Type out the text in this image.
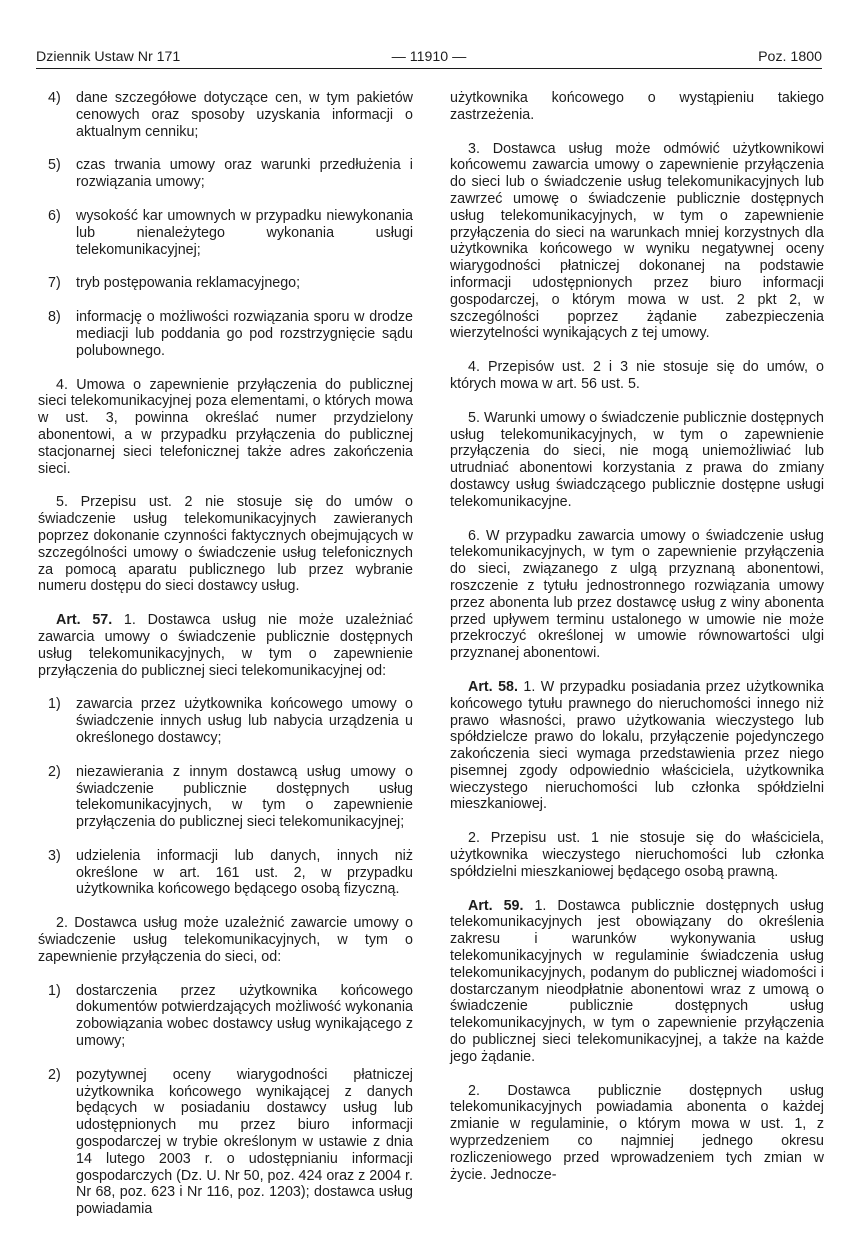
Dziennik Ustaw Nr 171	— 11910 —	Poz. 1800
4)	dane szczegółowe dotyczące cen, w tym pakietów cenowych oraz sposoby uzyskania informacji o aktualnym cenniku;
5)	czas trwania umowy oraz warunki przedłużenia i rozwiązania umowy;
6)	wysokość kar umownych w przypadku niewykonania lub nienależytego wykonania usługi telekomunikacyjnej;
7)	tryb postępowania reklamacyjnego;
8)	informację o możliwości rozwiązania sporu w drodze mediacji lub poddania go pod rozstrzygnięcie sądu polubownego.

4. Umowa o zapewnienie przyłączenia do publicznej sieci telekomunikacyjnej poza elementami, o których mowa w ust. 3, powinna określać numer przydzielony abonentowi, a w przypadku przyłączenia do publicznej stacjonarnej sieci telefonicznej także adres zakończenia sieci.

5. Przepisu ust. 2 nie stosuje się do umów o świadczenie usług telekomunikacyjnych zawieranych poprzez dokonanie czynności faktycznych obejmujących w szczególności umowy o świadczenie usług telefonicznych za pomocą aparatu publicznego lub przez wybranie numeru dostępu do sieci dostawcy usług.

Art. 57. 1. Dostawca usług nie może uzależniać zawarcia umowy o świadczenie publicznie dostępnych usług telekomunikacyjnych, w tym o zapewnienie przyłączenia do publicznej sieci telekomunikacyjnej od:

1)	zawarcia przez użytkownika końcowego umowy o świadczenie innych usług lub nabycia urządzenia u określonego dostawcy;
2)	niezawierania z innym dostawcą usług umowy o świadczenie publicznie dostępnych usług telekomunikacyjnych, w tym o zapewnienie przyłączenia do publicznej sieci telekomunikacyjnej;
3)	udzielenia informacji lub danych, innych niż określone w art. 161 ust. 2, w przypadku użytkownika końcowego będącego osobą fizyczną.

2. Dostawca usług może uzależnić zawarcie umowy o świadczenie usług telekomunikacyjnych, w tym o zapewnienie przyłączenia do sieci, od:

1)	dostarczenia przez użytkownika końcowego dokumentów potwierdzających możliwość wykonania zobowiązania wobec dostawcy usług wynikającego z umowy;
2)	pozytywnej oceny wiarygodności płatniczej użytkownika końcowego wynikającej z danych będących w posiadaniu dostawcy usług lub udostępnionych mu przez biuro informacji gospodarczej w trybie określonym w ustawie z dnia 14 lutego 2003 r. o udostępnianiu informacji gospodarczych (Dz. U. Nr 50, poz. 424 oraz z 2004 r. Nr 68, poz. 623 i Nr 116, poz. 1203); dostawca usług powiadamia

użytkownika końcowego o wystąpieniu takiego zastrzeżenia.

3. Dostawca usług może odmówić użytkownikowi końcowemu zawarcia umowy o zapewnienie przyłączenia do sieci lub o świadczenie usług telekomunikacyjnych lub zawrzeć umowę o świadczenie publicznie dostępnych usług telekomunikacyjnych, w tym o zapewnienie przyłączenia do sieci na warunkach mniej korzystnych dla użytkownika końcowego w wyniku negatywnej oceny wiarygodności płatniczej dokonanej na podstawie informacji udostępnionych przez biuro informacji gospodarczej, o którym mowa w ust. 2 pkt 2, w szczególności poprzez żądanie zabezpieczenia wierzytelności wynikających z tej umowy.

4. Przepisów ust. 2 i 3 nie stosuje się do umów, o których mowa w art. 56 ust. 5.

5. Warunki umowy o świadczenie publicznie dostępnych usług telekomunikacyjnych, w tym o zapewnienie przyłączenia do sieci, nie mogą uniemożliwiać lub utrudniać abonentowi korzystania z prawa do zmiany dostawcy usług świadczącego publicznie dostępne usługi telekomunikacyjne.

6. W przypadku zawarcia umowy o świadczenie usług telekomunikacyjnych, w tym o zapewnienie przyłączenia do sieci, związanego z ulgą przyznaną abonentowi, roszczenie z tytułu jednostronnego rozwiązania umowy przez abonenta lub przez dostawcę usług z winy abonenta przed upływem terminu ustalonego w umowie nie może przekroczyć określonej w umowie równowartości ulgi przyznanej abonentowi.

Art. 58. 1. W przypadku posiadania przez użytkownika końcowego tytułu prawnego do nieruchomości innego niż prawo własności, prawo użytkowania wieczystego lub spółdzielcze prawo do lokalu, przyłączenie pojedynczego zakończenia sieci wymaga przedstawienia przez niego pisemnej zgody odpowiednio właściciela, użytkownika wieczystego nieruchomości lub członka spółdzielni mieszkaniowej.

2. Przepisu ust. 1 nie stosuje się do właściciela, użytkownika wieczystego nieruchomości lub członka spółdzielni mieszkaniowej będącego osobą prawną.

Art. 59. 1. Dostawca publicznie dostępnych usług telekomunikacyjnych jest obowiązany do określenia zakresu i warunków wykonywania usług telekomunikacyjnych w regulaminie świadczenia usług telekomunikacyjnych, podanym do publicznej wiadomości i dostarczanym nieodpłatnie abonentowi wraz z umową o świadczenie publicznie dostępnych usług telekomunikacyjnych, w tym o zapewnienie przyłączenia do publicznej sieci telekomunikacyjnej, a także na każde jego żądanie.

2. Dostawca publicznie dostępnych usług telekomunikacyjnych powiadamia abonenta o każdej zmianie w regulaminie, o którym mowa w ust. 1, z wyprzedzeniem co najmniej jednego okresu rozliczeniowego przed wprowadzeniem tych zmian w życie. Jednocze-
